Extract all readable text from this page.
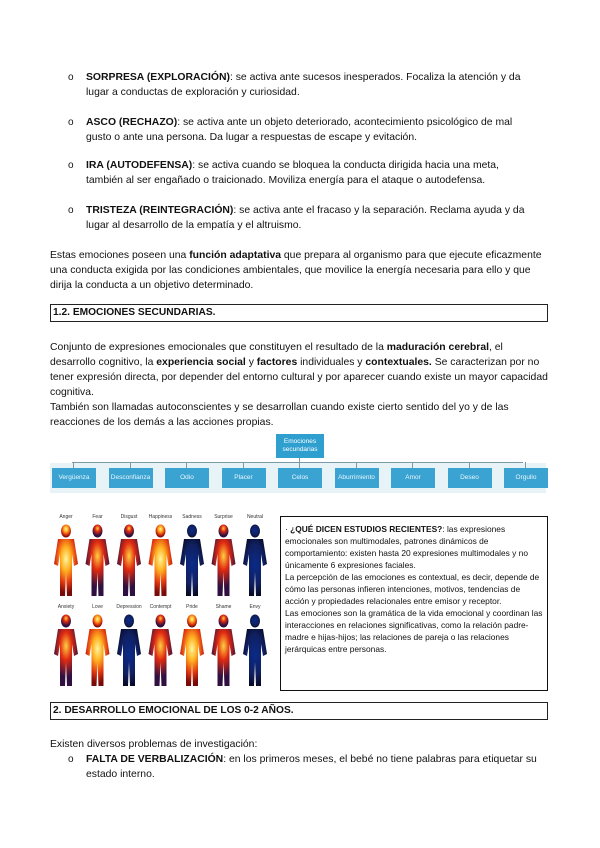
o SORPRESA (EXPLORACIÓN): se activa ante sucesos inesperados. Focaliza la atención y da lugar a conductas de exploración y curiosidad.
o ASCO (RECHAZO): se activa ante un objeto deteriorado, acontecimiento psicológico de mal gusto o ante una persona. Da lugar a respuestas de escape y evitación.
o IRA (AUTODEFENSA): se activa cuando se bloquea la conducta dirigida hacia una meta, también al ser engañado o traicionado. Moviliza energía para el ataque o autodefensa.
o TRISTEZA (REINTEGRACIÓN): se activa ante el fracaso y la separación. Reclama ayuda y da lugar al desarrollo de la empatía y el altruismo.
Estas emociones poseen una función adaptativa que prepara al organismo para que ejecute eficazmente una conducta exigida por las condiciones ambientales, que movilice la energía necesaria para ello y que dirija la conducta a un objetivo determinado.
1.2. EMOCIONES SECUNDARIAS.
Conjunto de expresiones emocionales que constituyen el resultado de la maduración cerebral, el desarrollo cognitivo, la experiencia social y factores individuales y contextuales. Se caracterizan por no tener expresión directa, por depender del entorno cultural y por aparecer cuando existe un mayor capacidad cognitiva.
También son llamadas autoconscientes y se desarrollan cuando existe cierto sentido del yo y de las reacciones de los demás a las acciones propias.
Emociones secundarias
Vergüenza	Desconfianza	Odio	Placer	Celos	Aburrimiento	Amor	Deseo	Orgullo
Anger	Fear	Disgust	Happiness	Sadness	Surprise	Neutral
Anxiety	Love	Depression	Contempt	Pride	Shame	Envy
· ¿QUÉ DICEN ESTUDIOS RECIENTES?: las expresiones emocionales son multimodales, patrones dinámicos de comportamiento: existen hasta 20 expresiones multimodales y no únicamente 6 expresiones faciales.
La percepción de las emociones es contextual, es decir, depende de cómo las personas infieren intenciones, motivos, tendencias de acción y propiedades relacionales entre emisor y receptor.
Las emociones son la gramática de la vida emocional y coordinan las interacciones en relaciones significativas, como la relación padre-madre e hijas-hijos; las relaciones de pareja o las relaciones jerárquicas entre personas.
2. DESARROLLO EMOCIONAL DE LOS 0-2 AÑOS.
Existen diversos problemas de investigación:
o FALTA DE VERBALIZACIÓN: en los primeros meses, el bebé no tiene palabras para etiquetar su estado interno.
